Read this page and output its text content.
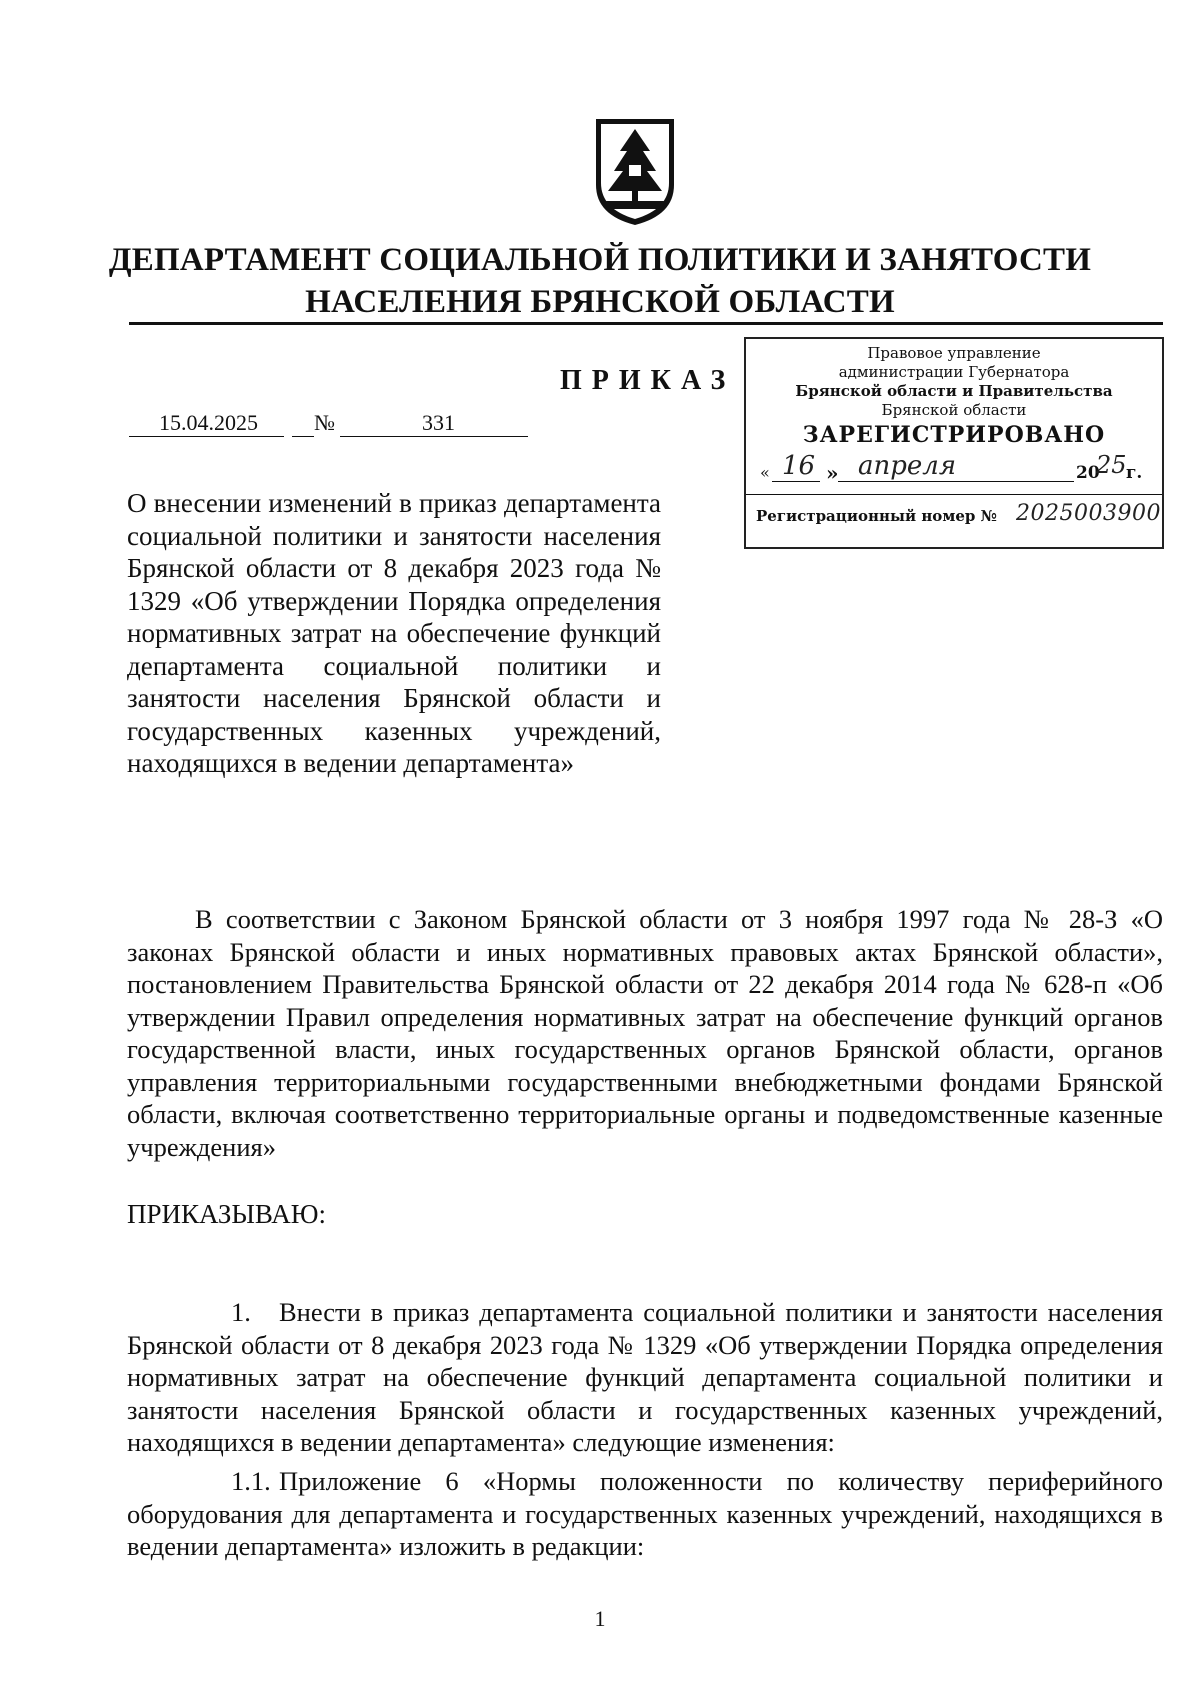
ДЕПАРТАМЕНТ СОЦИАЛЬНОЙ ПОЛИТИКИ И ЗАНЯТОСТИ
НАСЕЛЕНИЯ БРЯНСКОЙ ОБЛАСТИ
ПРИКАЗ
15.04.2025	№	331
Правовое управление
администрации Губернатора
Брянской области и Правительства
Брянской области
ЗАРЕГИСТРИРОВАНО
« 16 » апреля	20
25 г.
Регистрационный номер № 2025003900
О внесении изменений в приказ департамента социальной политики и занятости населения Брянской области от 8 декабря 2023 года № 1329 «Об утверждении Порядка определения нормативных затрат на обеспечение функций департамента социальной политики и занятости населения Брянской области и государственных казенных учреждений, находящихся в ведении департамента»
В соответствии с Законом Брянской области от 3 ноября 1997 года № 28-З «О законах Брянской области и иных нормативных правовых актах Брянской области», постановлением Правительства Брянской области от 22 декабря 2014 года № 628-п «Об утверждении Правил определения нормативных затрат на обеспечение функций органов государственной власти, иных государственных органов Брянской области, органов управления территориальными государственными внебюджетными фондами Брянской области, включая соответственно территориальные органы и подведомственные казенные учреждения»
ПРИКАЗЫВАЮ:
1. Внести в приказ департамента социальной политики и занятости населения Брянской области от 8 декабря 2023 года № 1329 «Об утверждении Порядка определения нормативных затрат на обеспечение функций департамента социальной политики и занятости населения Брянской области и государственных казенных учреждений, находящихся в ведении департамента» следующие изменения:
1.1. Приложение 6 «Нормы положенности по количеству периферийного оборудования для департамента и государственных казенных учреждений, находящихся в ведении департамента» изложить в редакции:
1
